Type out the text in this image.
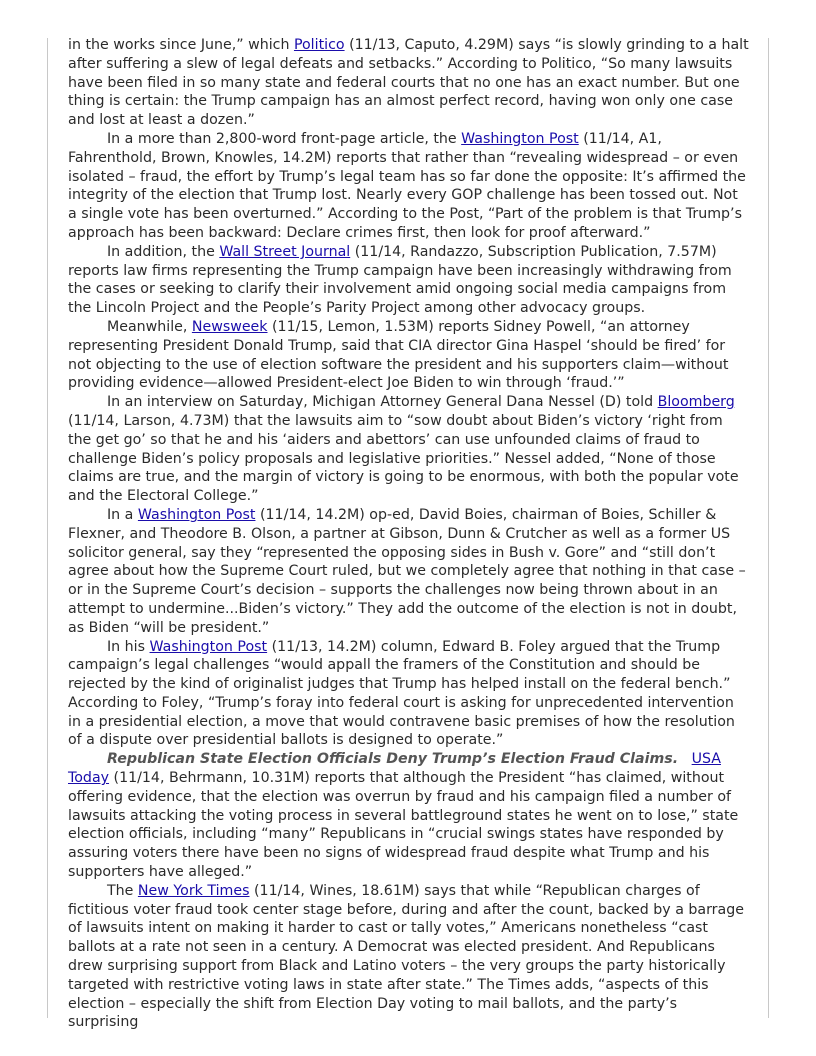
in the works since June,” which Politico (11/13, Caputo, 4.29M) says “is slowly grinding to a halt after suffering a slew of legal defeats and setbacks.” According to Politico, “So many lawsuits have been filed in so many state and federal courts that no one has an exact number. But one thing is certain: the Trump campaign has an almost perfect record, having won only one case and lost at least a dozen.”

In a more than 2,800-word front-page article, the Washington Post (11/14, A1, Fahrenthold, Brown, Knowles, 14.2M) reports that rather than “revealing widespread – or even isolated – fraud, the effort by Trump’s legal team has so far done the opposite: It’s affirmed the integrity of the election that Trump lost. Nearly every GOP challenge has been tossed out. Not a single vote has been overturned.” According to the Post, “Part of the problem is that Trump’s approach has been backward: Declare crimes first, then look for proof afterward.”

In addition, the Wall Street Journal (11/14, Randazzo, Subscription Publication, 7.57M) reports law firms representing the Trump campaign have been increasingly withdrawing from the cases or seeking to clarify their involvement amid ongoing social media campaigns from the Lincoln Project and the People’s Parity Project among other advocacy groups.

Meanwhile, Newsweek (11/15, Lemon, 1.53M) reports Sidney Powell, “an attorney representing President Donald Trump, said that CIA director Gina Haspel ‘should be fired’ for not objecting to the use of election software the president and his supporters claim—without providing evidence—allowed President-elect Joe Biden to win through ‘fraud.’”

In an interview on Saturday, Michigan Attorney General Dana Nessel (D) told Bloomberg (11/14, Larson, 4.73M) that the lawsuits aim to “sow doubt about Biden’s victory ‘right from the get go’ so that he and his ‘aiders and abettors’ can use unfounded claims of fraud to challenge Biden’s policy proposals and legislative priorities.” Nessel added, “None of those claims are true, and the margin of victory is going to be enormous, with both the popular vote and the Electoral College.”

In a Washington Post (11/14, 14.2M) op-ed, David Boies, chairman of Boies, Schiller & Flexner, and Theodore B. Olson, a partner at Gibson, Dunn & Crutcher as well as a former US solicitor general, say they “represented the opposing sides in Bush v. Gore” and “still don’t agree about how the Supreme Court ruled, but we completely agree that nothing in that case – or in the Supreme Court’s decision – supports the challenges now being thrown about in an attempt to undermine...Biden’s victory.” They add the outcome of the election is not in doubt, as Biden “will be president.”

In his Washington Post (11/13, 14.2M) column, Edward B. Foley argued that the Trump campaign’s legal challenges “would appall the framers of the Constitution and should be rejected by the kind of originalist judges that Trump has helped install on the federal bench.” According to Foley, “Trump’s foray into federal court is asking for unprecedented intervention in a presidential election, a move that would contravene basic premises of how the resolution of a dispute over presidential ballots is designed to operate.”

Republican State Election Officials Deny Trump’s Election Fraud Claims. USA Today (11/14, Behrmann, 10.31M) reports that although the President “has claimed, without offering evidence, that the election was overrun by fraud and his campaign filed a number of lawsuits attacking the voting process in several battleground states he went on to lose,” state election officials, including “many” Republicans in “crucial swings states have responded by assuring voters there have been no signs of widespread fraud despite what Trump and his supporters have alleged.”

The New York Times (11/14, Wines, 18.61M) says that while “Republican charges of fictitious voter fraud took center stage before, during and after the count, backed by a barrage of lawsuits intent on making it harder to cast or tally votes,” Americans nonetheless “cast ballots at a rate not seen in a century. A Democrat was elected president. And Republicans drew surprising support from Black and Latino voters – the very groups the party historically targeted with restrictive voting laws in state after state.” The Times adds, “aspects of this election – especially the shift from Election Day voting to mail ballots, and the party’s surprising
